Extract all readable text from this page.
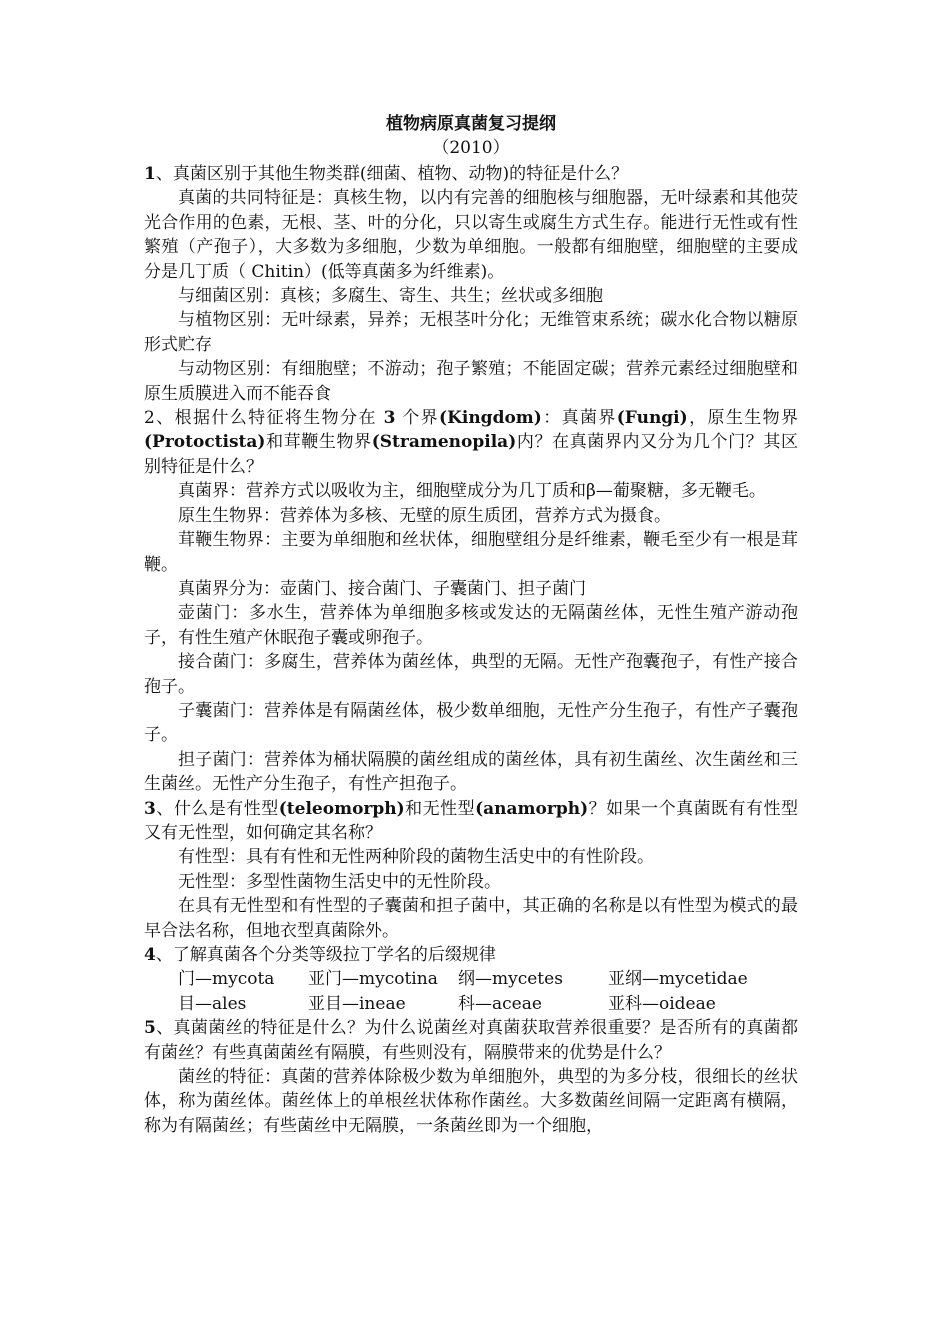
植物病原真菌复习提纲

（2010）

1、真菌区别于其他生物类群(细菌、植物、动物)的特征是什么？

真菌的共同特征是：真核生物，以内有完善的细胞核与细胞器，无叶绿素和其他荧光合作用的色素，无根、茎、叶的分化，只以寄生或腐生方式生存。能进行无性或有性繁殖（产孢子），大多数为多细胞，少数为单细胞。一般都有细胞壁，细胞壁的主要成分是几丁质（ Chitin）(低等真菌多为纤维素)。

与细菌区别：真核；多腐生、寄生、共生；丝状或多细胞

与植物区别：无叶绿素，异养；无根茎叶分化；无维管束系统；碳水化合物以糖原形式贮存

与动物区别：有细胞壁；不游动；孢子繁殖；不能固定碳；营养元素经过细胞壁和原生质膜进入而不能吞食

2、根据什么特征将生物分在 3 个界(Kingdom)：真菌界(Fungi)，原生生物界(Protoctista)和茸鞭生物界(Stramenopila)内？在真菌界内又分为几个门？其区别特征是什么？

真菌界：营养方式以吸收为主，细胞壁成分为几丁质和β—葡聚糖，多无鞭毛。

原生生物界：营养体为多核、无壁的原生质团，营养方式为摄食。

茸鞭生物界：主要为单细胞和丝状体，细胞壁组分是纤维素，鞭毛至少有一根是茸鞭。

真菌界分为：壶菌门、接合菌门、子囊菌门、担子菌门

壶菌门：多水生，营养体为单细胞多核或发达的无隔菌丝体，无性生殖产游动孢子，有性生殖产休眠孢子囊或卵孢子。

接合菌门：多腐生，营养体为菌丝体，典型的无隔。无性产孢囊孢子，有性产接合孢子。

子囊菌门：营养体是有隔菌丝体，极少数单细胞，无性产分生孢子，有性产子囊孢子。

担子菌门：营养体为桶状隔膜的菌丝组成的菌丝体，具有初生菌丝、次生菌丝和三生菌丝。无性产分生孢子，有性产担孢子。

3、什么是有性型(teleomorph)和无性型(anamorph)？如果一个真菌既有有性型又有无性型，如何确定其名称？

有性型：具有有性和无性两种阶段的菌物生活史中的有性阶段。

无性型：多型性菌物生活史中的无性阶段。

在具有无性型和有性型的子囊菌和担子菌中，其正确的名称是以有性型为模式的最早合法名称，但地衣型真菌除外。

4、了解真菌各个分类等级拉丁学名的后缀规律

门—mycota	亚门—mycotina	纲—mycetes	亚纲—mycetidae
目—ales	亚目—ineae	科—aceae	亚科—oideae

5、真菌菌丝的特征是什么？为什么说菌丝对真菌获取营养很重要？是否所有的真菌都有菌丝？有些真菌菌丝有隔膜，有些则没有，隔膜带来的优势是什么？

菌丝的特征：真菌的营养体除极少数为单细胞外，典型的为多分枝，很细长的丝状体，称为菌丝体。菌丝体上的单根丝状体称作菌丝。大多数菌丝间隔一定距离有横隔，称为有隔菌丝；有些菌丝中无隔膜，一条菌丝即为一个细胞，
